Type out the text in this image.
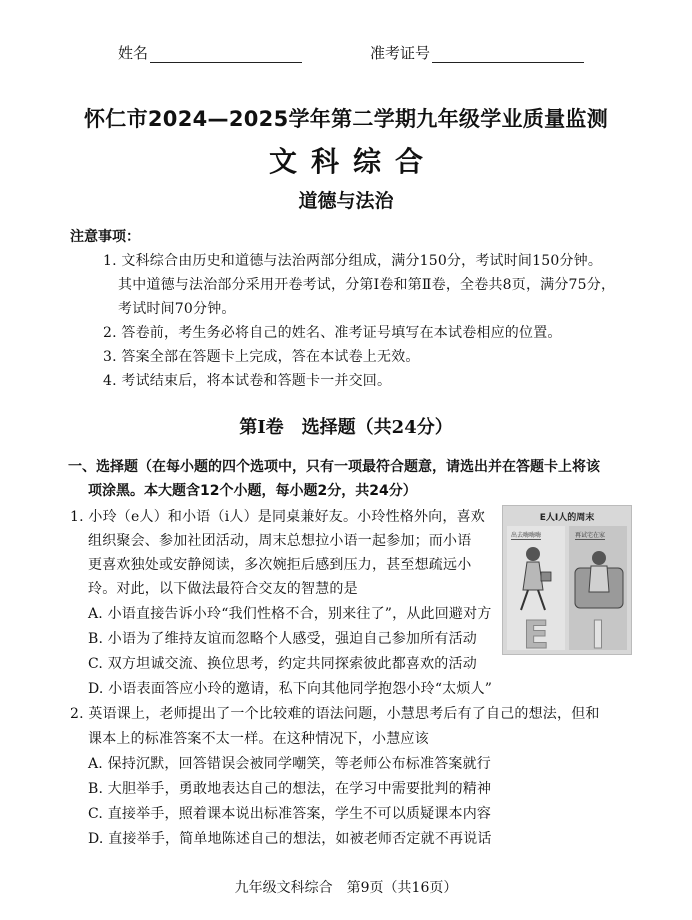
姓名	准考证号
怀仁市2024—2025学年第二学期九年级学业质量监测
文科综合
道德与法治
注意事项：
1. 文科综合由历史和道德与法治两部分组成，满分150分，考试时间150分钟。
其中道德与法治部分采用开卷考试，分第Ⅰ卷和第Ⅱ卷，全卷共8页，满分75分，
考试时间70分钟。
2. 答卷前，考生务必将自己的姓名、准考证号填写在本试卷相应的位置。
3. 答案全部在答题卡上完成，答在本试卷上无效。
4. 考试结束后，将本试卷和答题卡一并交回。
第Ⅰ卷　选择题（共24分）
一、选择题（在每小题的四个选项中，只有一项最符合题意，请选出并在答题卡上将该
项涂黑。本大题含12个小题，每小题2分，共24分）
1. 小玲（e人）和小语（i人）是同桌兼好友。小玲性格外向，喜欢
组织聚会、参加社团活动，周末总想拉小语一起参加；而小语
更喜欢独处或安静阅读，多次婉拒后感到压力，甚至想疏远小
玲。对此，以下做法最符合交友的智慧的是
A. 小语直接告诉小玲“我们性格不合，别来往了”，从此回避对方
B. 小语为了维持友谊而忽略个人感受，强迫自己参加所有活动
C. 双方坦诚交流、换位思考，约定共同探索彼此都喜欢的活动
D. 小语表面答应小玲的邀请，私下向其他同学抱怨小玲“太烦人”
E人I人的周末
出去嗨嗨嗨	再试宅在家
E I
2. 英语课上，老师提出了一个比较难的语法问题，小慧思考后有了自己的想法，但和
课本上的标准答案不太一样。在这种情况下，小慧应该
A. 保持沉默，回答错误会被同学嘲笑，等老师公布标准答案就行
B. 大胆举手，勇敢地表达自己的想法，在学习中需要批判的精神
C. 直接举手，照着课本说出标准答案，学生不可以质疑课本内容
D. 直接举手，简单地陈述自己的想法，如被老师否定就不再说话
九年级文科综合　第9页（共16页）
